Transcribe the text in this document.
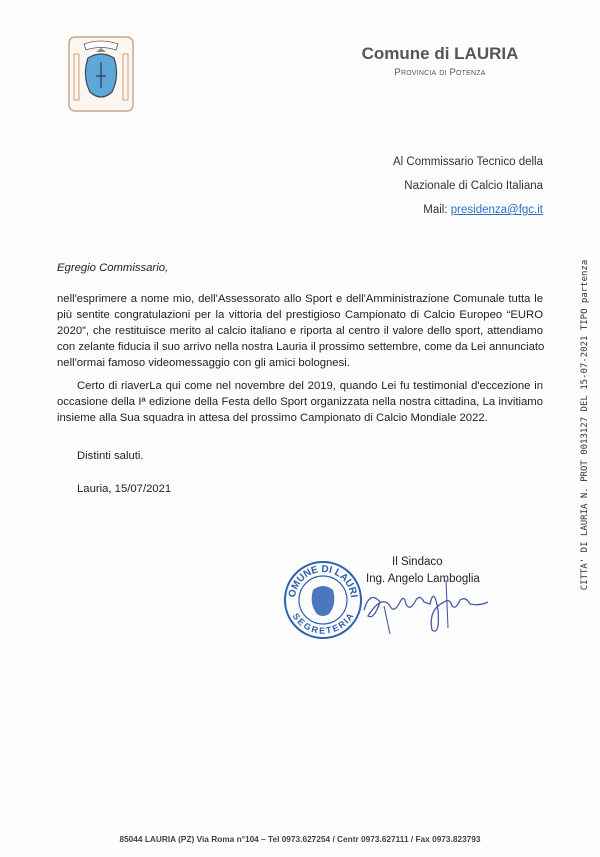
Comune di LAURIA
Provincia di Potenza
Al Commissario Tecnico della
Nazionale di Calcio Italiana
Mail: presidenza@fgc.it
Egregio Commissario,
nell'esprimere a nome mio, dell'Assessorato allo Sport e dell'Amministrazione Comunale tutta le
più sentite congratulazioni per la vittoria del prestigioso Campionato di Calcio Europeo “EURO
2020”, che restituisce merito al calcio italiano e riporta al centro il valore dello sport, attendiamo
con zelante fiducia il suo arrivo nella nostra Lauria il prossimo settembre, come da Lei annunciato
nell'ormai famoso videomessaggio con gli amici bolognesi.
Certo di riaverLa qui come nel novembre del 2019, quando Lei fu testimonial d'eccezione in
occasione della Iª edizione della Festa dello Sport organizzata nella nostra cittadina, La invitiamo
insieme alla Sua squadra in attesa del prossimo Campionato di Calcio Mondiale 2022.
Distinti saluti.
Lauria, 15/07/2021
Il Sindaco
Ing. Angelo Lamboglia
OMUNE DI LAURI
SEGRETERIA
CITTA' DI LAURIA N. PROT 0013127 DEL 15-07-2021 TIPO partenza
85044 LAURIA (PZ) Via Roma n°104 – Tel 0973.627254 / Centr 0973.627111 / Fax 0973.823793
